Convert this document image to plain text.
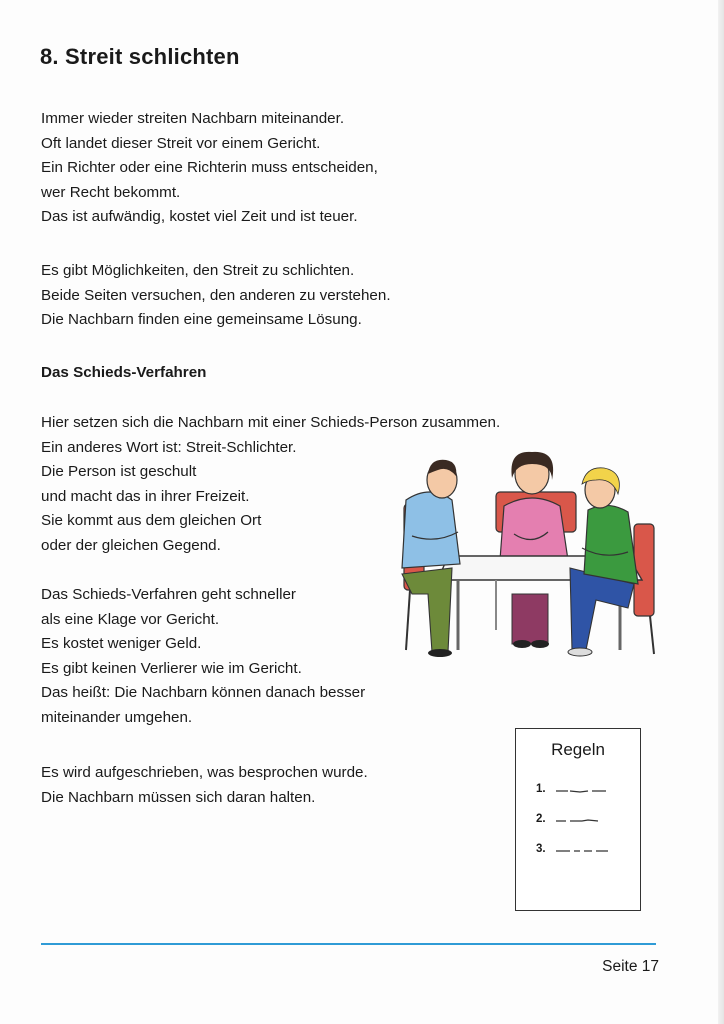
8. Streit schlichten

Immer wieder streiten Nachbarn miteinander.
Oft landet dieser Streit vor einem Gericht.
Ein Richter oder eine Richterin muss entscheiden,
wer Recht bekommt.
Das ist aufwändig, kostet viel Zeit und ist teuer.

Es gibt Möglichkeiten, den Streit zu schlichten.
Beide Seiten versuchen, den anderen zu verstehen.
Die Nachbarn finden eine gemeinsame Lösung.

Das Schieds-Verfahren

Hier setzen sich die Nachbarn mit einer Schieds-Person zusammen.
Ein anderes Wort ist: Streit-Schlichter.
Die Person ist geschult
und macht das in ihrer Freizeit.
Sie kommt aus dem gleichen Ort
oder der gleichen Gegend.

Das Schieds-Verfahren geht schneller
als eine Klage vor Gericht.
Es kostet weniger Geld.
Es gibt keinen Verlierer wie im Gericht.
Das heißt: Die Nachbarn können danach besser
miteinander umgehen.

Es wird aufgeschrieben, was besprochen wurde.
Die Nachbarn müssen sich daran halten.

Regeln
1.
2.
3.
Seite 17
